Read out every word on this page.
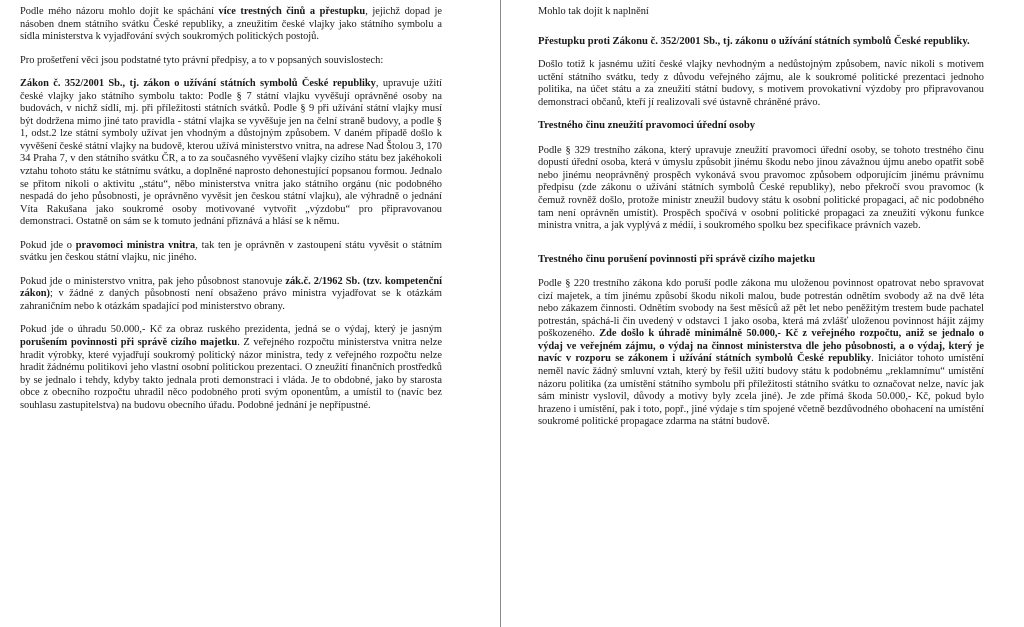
Podle mého názoru mohlo dojít ke spáchání více trestných činů a přestupku, jejichž dopad je násoben dnem státního svátku České republiky, a zneužitím české vlajky jako státního symbolu a sídla ministerstva k vyjadřování svých soukromých politických postojů.

Pro prošetření věci jsou podstatné tyto právní předpisy, a to v popsaných souvislostech:

Zákon č. 352/2001 Sb., tj. zákon o užívání státních symbolů České republiky, upravuje užití české vlajky jako státního symbolu takto: Podle § 7 státní vlajku vyvěšují oprávněné osoby na budovách, v nichž sídlí, mj. při příležitosti státních svátků. Podle § 9 při užívání státní vlajky musí být dodržena mimo jiné tato pravidla - státní vlajka se vyvěšuje jen na čelní straně budovy, a podle § 1, odst.2 lze státní symboly užívat jen vhodným a důstojným způsobem. V daném případě došlo k vyvěšení české státní vlajky na budově, kterou užívá ministerstvo vnitra, na adrese Nad Štolou 3, 170 34 Praha 7, v den státního svátku ČR, a to za současného vyvěšení vlajky cizího státu bez jakéhokoli vztahu tohoto státu ke státnímu svátku, a doplněné naprosto dehonestující popsanou formou. Jednalo se přitom nikoli o aktivitu „státu“, něbo ministerstva vnitra jako státního orgánu (nic podobného nespadá do jeho působnosti, je oprávněno vyvěsit jen českou státní vlajku), ale výhradně o jednání Víta Rakušana jako soukromé osoby motivované vytvořit „výzdobu“ pro připravovanou demonstraci. Ostatně on sám se k tomuto jednání přiznává a hlásí se k němu.

Pokud jde o pravomoci ministra vnitra, tak ten je oprávněn v zastoupení státu vyvěsit o státním svátku jen českou státní vlajku, nic jiného.

Pokud jde o ministerstvo vnitra, pak jeho působnost stanovuje zák.č. 2/1962 Sb. (tzv. kompetenční zákon); v žádné z daných působností není obsaženo právo ministra vyjadřovat se k otázkám zahraničním nebo k otázkám spadající pod ministerstvo obrany.

Pokud jde o úhradu 50.000,- Kč za obraz ruského prezidenta, jedná se o výdaj, který je jasným porušením povinnosti při správě cizího majetku. Z veřejného rozpočtu ministerstva vnitra nelze hradit výrobky, které vyjadřují soukromý politický názor ministra, tedy z veřejného rozpočtu nelze hradit žádnému politikovi jeho vlastní osobní politickou prezentaci. O zneužití finančních prostředků by se jednalo i tehdy, kdyby takto jednala proti demonstraci i vláda. Je to obdobné, jako by starosta obce z obecního rozpočtu uhradil něco podobného proti svým oponentům, a umístil to (navíc bez souhlasu zastupitelstva) na budovu obecního úřadu. Podobné jednání je nepřípustné.

Mohlo tak dojít k naplnění

Přestupku proti Zákonu č. 352/2001 Sb., tj. zákonu o užívání státních symbolů České republiky.

Došlo totiž k jasnému užití české vlajky nevhodným a nedůstojným způsobem, navíc nikoli s motivem uctění státního svátku, tedy z důvodu veřejného zájmu, ale k soukromé politické prezentaci jednoho politika, na účet státu a za zneužití státní budovy, s motivem provokativní výzdoby pro připravovanou demonstraci občanů, kteří jí realizovali své ústavně chráněné právo.

Trestného činu zneužití pravomoci úřední osoby

Podle § 329 trestního zákona, který upravuje zneužití pravomoci úřední osoby, se tohoto trestného činu dopustí úřední osoba, která v úmyslu způsobit jinému škodu nebo jinou závažnou újmu anebo opatřit sobě nebo jinému neoprávněný prospěch vykonává svou pravomoc způsobem odporujícím jinému právnímu předpisu (zde zákonu o užívání státních symbolů České republiky), nebo překročí svou pravomoc (k čemuž rovněž došlo, protože ministr zneužil budovy státu k osobní politické propagaci, ač nic podobného tam není oprávněn umístit). Prospěch spočívá v osobní politické propagaci za zneužití výkonu funkce ministra vnitra, a jak vyplývá z médií, i soukromého spolku bez specifikace právních vazeb.

Trestného činu porušení povinnosti při správě cizího majetku

Podle § 220 trestního zákona kdo poruší podle zákona mu uloženou povinnost opatrovat nebo spravovat cizí majetek, a tím jinému způsobí škodu nikoli malou, bude potrestán odnětím svobody až na dvě léta nebo zákazem činnosti. Odnětím svobody na šest měsíců až pět let nebo peněžitým trestem bude pachatel potrestán, spáchá-li čin uvedený v odstavci 1 jako osoba, která má zvlášť uloženou povinnost hájit zájmy poškozeného. Zde došlo k úhradě minimálně 50.000,- Kč z veřejného rozpočtu, aniž se jednalo o výdaj ve veřejném zájmu, o výdaj na činnost ministerstva dle jeho působnosti, a o výdaj, který je navíc v rozporu se zákonem i užívání státních symbolů České republiky. Iniciátor tohoto umístění neměl navíc žádný smluvní vztah, který by řešil užití budovy státu k podobnému „reklamnímu“ umístění názoru politika (za umístění státního symbolu při příležitosti státního svátku to označovat nelze, navíc jak sám ministr vyslovil, důvody a motivy byly zcela jiné). Je zde přímá škoda 50.000,- Kč, pokud bylo hrazeno i umístění, pak i toto, popř., jiné výdaje s tím spojené včetně bezdůvodného obohacení na umístění soukromé politické propagace zdarma na státní budově.
